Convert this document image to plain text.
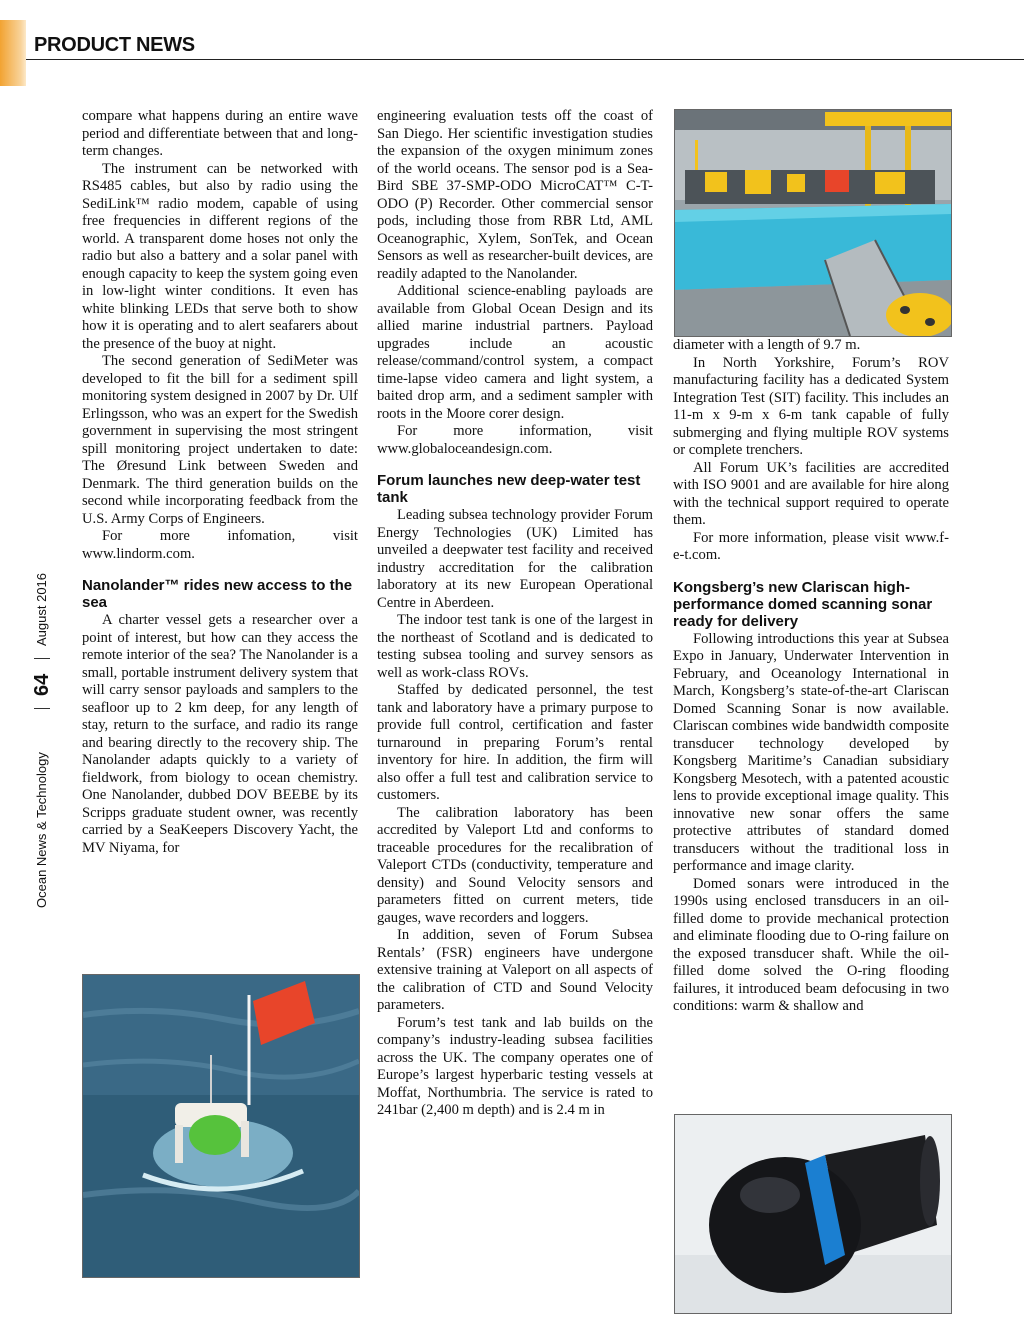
PRODUCT NEWS
August 2016
64
Ocean News & Technology

compare what happens during an entire wave period and differentiate between that and long-term changes.

The instrument can be networked with RS485 cables, but also by radio using the SediLink™ radio modem, capable of using free frequencies in different regions of the world. A transparent dome hoses not only the radio but also a battery and a solar panel with enough capacity to keep the system going even in low-light winter conditions. It even has white blinking LEDs that serve both to show how it is operating and to alert seafarers about the presence of the buoy at night.

The second generation of SediMeter was developed to fit the bill for a sediment spill monitoring system designed in 2007 by Dr. Ulf Erlingsson, who was an expert for the Swedish government in supervising the most stringent spill monitoring project undertaken to date: The Øresund Link between Sweden and Denmark. The third generation builds on the second while incorporating feedback from the U.S. Army Corps of Engineers.

For more infomation, visit www.lindorm.com.

Nanolander™ rides new access to the sea

A charter vessel gets a researcher over a point of interest, but how can they access the remote interior of the sea? The Nanolander is a small, portable instrument delivery system that will carry sensor payloads and samplers to the seafloor up to 2 km deep, for any length of stay, return to the surface, and radio its range and bearing directly to the recovery ship. The Nanolander adapts quickly to a variety of fieldwork, from biology to ocean chemistry. One Nanolander, dubbed DOV BEEBE by its Scripps graduate student owner, was recently carried by a SeaKeepers Discovery Yacht, the MV Niyama, for

engineering evaluation tests off the coast of San Diego. Her scientific investigation studies the expansion of the oxygen minimum zones of the world oceans. The sensor pod is a Sea-Bird SBE 37-SMP-ODO MicroCAT™ C-T-ODO (P) Recorder. Other commercial sensor pods, including those from RBR Ltd, AML Oceanographic, Xylem, SonTek, and Ocean Sensors as well as researcher-built devices, are readily adapted to the Nanolander.

Additional science-enabling payloads are available from Global Ocean Design and its allied marine industrial partners. Payload upgrades include an acoustic release/command/control system, a compact time-lapse video camera and light system, a baited drop arm, and a sediment sampler with roots in the Moore corer design.

For more information, visit www.globaloceandesign.com.

Forum launches new deep-water test tank

Leading subsea technology provider Forum Energy Technologies (UK) Limited has unveiled a deepwater test facility and received industry accreditation for the calibration laboratory at its new European Operational Centre in Aberdeen.

The indoor test tank is one of the largest in the northeast of Scotland and is dedicated to testing subsea tooling and survey sensors as well as work-class ROVs.

Staffed by dedicated personnel, the test tank and laboratory have a primary purpose to provide full control, certification and faster turnaround in preparing Forum’s rental inventory for hire. In addition, the firm will also offer a full test and calibration service to customers.

The calibration laboratory has been accredited by Valeport Ltd and conforms to traceable procedures for the recalibration of Valeport CTDs (conductivity, temperature and density) and Sound Velocity sensors and parameters fitted on current meters, tide gauges, wave recorders and loggers.

In addition, seven of Forum Subsea Rentals’ (FSR) engineers have undergone extensive training at Valeport on all aspects of the calibration of CTD and Sound Velocity parameters.

Forum’s test tank and lab builds on the company’s industry-leading subsea facilities across the UK. The company operates one of Europe’s largest hyperbaric testing vessels at Moffat, Northumbria. The service is rated to 241bar (2,400 m depth) and is 2.4 m in

diameter with a length of 9.7 m.

In North Yorkshire, Forum’s ROV manufacturing facility has a dedicated System Integration Test (SIT) facility. This includes an 11-m x 9-m x 6-m tank capable of fully submerging and flying multiple ROV systems or complete trenchers.

All Forum UK’s facilities are accredited with ISO 9001 and are available for hire along with the technical support required to operate them.

For more information, please visit www.f-e-t.com.

Kongsberg’s new Clariscan high-performance domed scanning sonar ready for delivery

Following introductions this year at Subsea Expo in January, Underwater Intervention in February, and Oceanology International in March, Kongsberg’s state-of-the-art Clariscan Domed Scanning Sonar is now available. Clariscan combines wide bandwidth composite transducer technology developed by Kongsberg Maritime’s Canadian subsidiary Kongsberg Mesotech, with a patented acoustic lens to provide exceptional image quality. This innovative new sonar offers the same protective attributes of standard domed transducers without the traditional loss in performance and image clarity.

Domed sonars were introduced in the 1990s using enclosed transducers in an oil-filled dome to provide mechanical protection and eliminate flooding due to O-ring failure on the exposed transducer shaft. While the oil-filled dome solved the O-ring flooding failures, it introduced beam defocusing in two conditions: warm & shallow and
